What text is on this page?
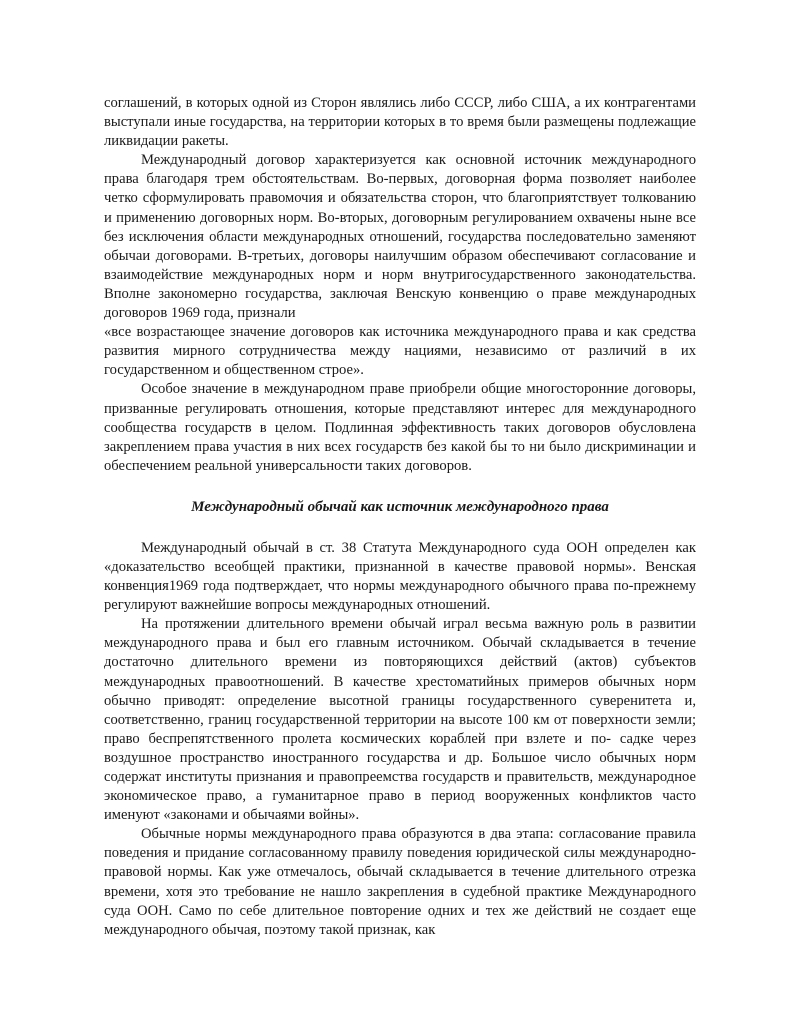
соглашений, в которых одной из Сторон являлись либо СССР, либо США, а их контрагентами выступали иные государства, на территории которых в то время были размещены подлежащие ликвидации ракеты.

Международный договор характеризуется как основной источник международного права благодаря трем обстоятельствам. Во-первых, договорная форма позволяет наиболее четко сформулировать правомочия и обязательства сторон, что благоприятствует толкованию и применению договорных норм. Во-вторых, договорным регулированием охвачены ныне все без исключения области международных отношений, государства последовательно заменяют обычаи договорами. В-третьих, договоры наилучшим образом обеспечивают согласование и взаимодействие международных норм и норм внутригосударственного законодательства. Вполне закономерно государства, заключая Венскую конвенцию о праве международных договоров 1969 года, признали

«все возрастающее значение договоров как источника международного права и как средства развития мирного сотрудничества между нациями, независимо от различий в их государственном и общественном строе».

Особое значение в международном праве приобрели общие многосторонние договоры, призванные регулировать отношения, которые представляют интерес для международного сообщества государств в целом. Подлинная эффективность таких договоров обусловлена закреплением права участия в них всех государств без какой бы то ни было дискриминации и обеспечением реальной универсальности таких договоров.

Международный обычай как источник международного права

Международный обычай в ст. 38 Статута Международного суда ООН определен как «доказательство всеобщей практики, признанной в качестве правовой нормы». Венская конвенция1969 года подтверждает, что нормы международного обычного права по-прежнему регулируют важнейшие вопросы международных отношений.

На протяжении длительного времени обычай играл весьма важную роль в развитии международного права и был его главным источником. Обычай складывается в течение достаточно длительного времени из повторяющихся действий (актов) субъектов международных правоотношений. В качестве хрестоматийных примеров обычных норм обычно приводят: определение высотной границы государственного суверенитета и, соответственно, границ государственной территории на высоте 100 км от поверхности земли; право беспрепятственного пролета космических кораблей при взлете и по- садке через воздушное пространство иностранного государства и др. Большое число обычных норм содержат институты признания и правопреемства государств и правительств, международное экономическое право, а гуманитарное право в период вооруженных конфликтов часто именуют «законами и обычаями войны».

Обычные нормы международного права образуются в два этапа: согласование правила поведения и придание согласованному правилу поведения юридической силы международно-правовой нормы. Как уже отмечалось, обычай складывается в течение длительного отрезка времени, хотя это требование не нашло закрепления в судебной практике Международного суда ООН. Само по себе длительное повторение одних и тех же действий не создает еще международного обычая, поэтому такой признак, как
